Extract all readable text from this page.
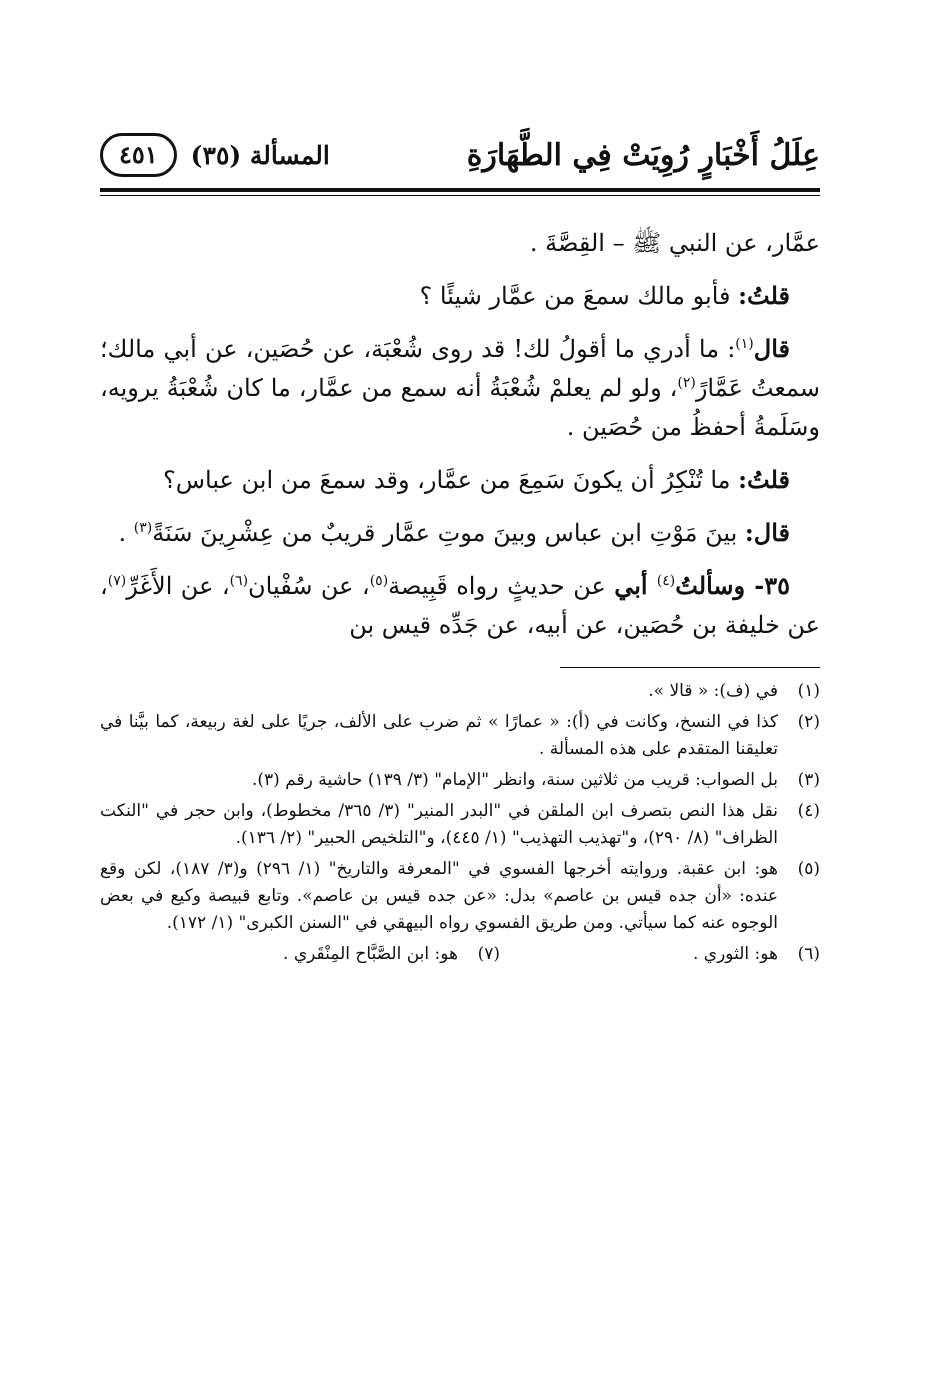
عِلَلُ أَخْبَارٍ رُوِيَتْ فِي الطَّهَارَةِ
المسألة (٣٥)
٤٥١

عمَّار، عن النبي ﷺ – القِصَّةَ .

قلتُ: فأبو مالك سمعَ من عمَّار شيئًا ؟

قال$^{(١)}$: ما أدري ما أقولُ لك! قد روى شُعْبَة، عن حُصَين، عن أبي مالك؛ سمعتُ عَمَّارً$^{(٢)}$، ولو لم يعلمْ شُعْبَةُ أنه سمع من عمَّار، ما كان شُعْبَةُ يرويه، وسَلَمةُ أحفظُ من حُصَين .

قلتُ: ما تُنْكِرُ أن يكونَ سَمِعَ من عمَّار، وقد سمعَ من ابن عباس؟

قال: بينَ مَوْتِ ابن عباس وبينَ موتِ عمَّار قريبٌ من عِشْرِينَ سَنَةً$^{(٣)}$ .

٣٥- وسألتُ$^{(٤)}$ أبي عن حديثٍ رواه قَبِيصة$^{(٥)}$، عن سُفْيان$^{(٦)}$، عن الأَغَرِّ$^{(٧)}$، عن خليفة بن حُصَين، عن أبيه، عن جَدِّه قيس بن

(١)
في (ف): « قالا ».
(٢)
كذا في النسخ، وكانت في (أ): « عمارًا » ثم ضرب على الألف، جريًا على لغة ربيعة، كما بيَّنا في تعليقنا المتقدم على هذه المسألة .
(٣)
بل الصواب: قريب من ثلاثين سنة، وانظر "الإمام" (٣/ ١٣٩) حاشية رقم (٣).
(٤)
نقل هذا النص بتصرف ابن الملقن في "البدر المنير" (٣/ ٣٦٥/ مخطوط)، وابن حجر في "النكت الظراف" (٨/ ٢٩٠)، و"تهذيب التهذيب" (١/ ٤٤٥)، و"التلخيص الحبير" (٢/ ١٣٦).
(٥)
هو: ابن عقبة. وروايته أخرجها الفسوي في "المعرفة والتاريخ" (١/ ٢٩٦) و(٣/ ١٨٧)، لكن وقع عنده: «أن جده قيس بن عاصم» بدل: «عن جده قيس بن عاصم». وتابع قبيصة وكيع في بعض الوجوه عنه كما سيأتي. ومن طريق الفسوي رواه البيهقي في "السنن الكبرى" (١/ ١٧٢).
(٦)
هو: الثوري .
(٧)
هو: ابن الصَّبَّاح المِنْقَري .
